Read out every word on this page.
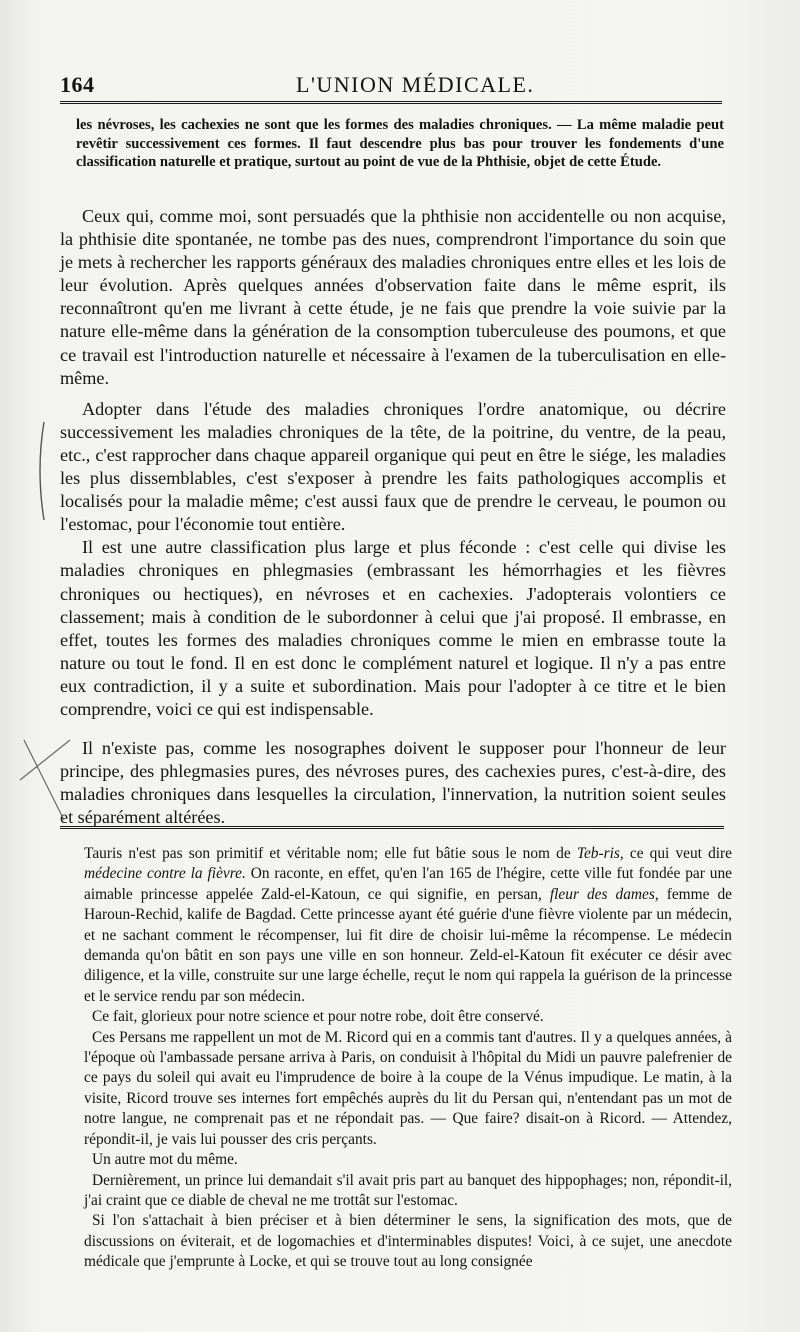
164	L'UNION MÉDICALE.
les névroses, les cachexies ne sont que les formes des maladies chroniques. — La même maladie peut revêtir successivement ces formes. Il faut descendre plus bas pour trouver les fondements d'une classification naturelle et pratique, surtout au point de vue de la Phthisie, objet de cette Étude.

Ceux qui, comme moi, sont persuadés que la phthisie non accidentelle ou non acquise, la phthisie dite spontanée, ne tombe pas des nues, comprendront l'importance du soin que je mets à rechercher les rapports généraux des maladies chroniques entre elles et les lois de leur évolution. Après quelques années d'observation faite dans le même esprit, ils reconnaîtront qu'en me livrant à cette étude, je ne fais que prendre la voie suivie par la nature elle-même dans la génération de la consomption tuberculeuse des poumons, et que ce travail est l'introduction naturelle et nécessaire à l'examen de la tuberculisation en elle-même.

Adopter dans l'étude des maladies chroniques l'ordre anatomique, ou décrire successivement les maladies chroniques de la tête, de la poitrine, du ventre, de la peau, etc., c'est rapprocher dans chaque appareil organique qui peut en être le siége, les maladies les plus dissemblables, c'est s'exposer à prendre les faits pathologiques accomplis et localisés pour la maladie même; c'est aussi faux que de prendre le cerveau, le poumon ou l'estomac, pour l'économie tout entière.

Il est une autre classification plus large et plus féconde : c'est celle qui divise les maladies chroniques en phlegmasies (embrassant les hémorrhagies et les fièvres chroniques ou hectiques), en névroses et en cachexies. J'adopterais volontiers ce classement; mais à condition de le subordonner à celui que j'ai proposé. Il embrasse, en effet, toutes les formes des maladies chroniques comme le mien en embrasse toute la nature ou tout le fond. Il en est donc le complément naturel et logique. Il n'y a pas entre eux contradiction, il y a suite et subordination. Mais pour l'adopter à ce titre et le bien comprendre, voici ce qui est indispensable.

Il n'existe pas, comme les nosographes doivent le supposer pour l'honneur de leur principe, des phlegmasies pures, des névroses pures, des cachexies pures, c'est-à-dire, des maladies chroniques dans lesquelles la circulation, l'innervation, la nutrition soient seules et séparément altérées.

Tauris n'est pas son primitif et véritable nom; elle fut bâtie sous le nom de Teb-ris, ce qui veut dire médecine contre la fièvre. On raconte, en effet, qu'en l'an 165 de l'hégire, cette ville fut fondée par une aimable princesse appelée Zald-el-Katoun, ce qui signifie, en persan, fleur des dames, femme de Haroun-Rechid, kalife de Bagdad. Cette princesse ayant été guérie d'une fièvre violente par un médecin, et ne sachant comment le récompenser, lui fit dire de choisir lui-même la récompense. Le médecin demanda qu'on bâtit en son pays une ville en son honneur. Zeld-el-Katoun fit exécuter ce désir avec diligence, et la ville, construite sur une large échelle, reçut le nom qui rappela la guérison de la princesse et le service rendu par son médecin.

Ce fait, glorieux pour notre science et pour notre robe, doit être conservé.

Ces Persans me rappellent un mot de M. Ricord qui en a commis tant d'autres. Il y a quelques années, à l'époque où l'ambassade persane arriva à Paris, on conduisit à l'hôpital du Midi un pauvre palefrenier de ce pays du soleil qui avait eu l'imprudence de boire à la coupe de la Vénus impudique. Le matin, à la visite, Ricord trouve ses internes fort empêchés auprès du lit du Persan qui, n'entendant pas un mot de notre langue, ne comprenait pas et ne répondait pas. — Que faire? disait-on à Ricord. — Attendez, répondit-il, je vais lui pousser des cris perçants.

Un autre mot du même.

Dernièrement, un prince lui demandait s'il avait pris part au banquet des hippophages; non, répondit-il, j'ai craint que ce diable de cheval ne me trottât sur l'estomac.

Si l'on s'attachait à bien préciser et à bien déterminer le sens, la signification des mots, que de discussions on éviterait, et de logomachies et d'interminables disputes! Voici, à ce sujet, une anecdote médicale que j'emprunte à Locke, et qui se trouve tout au long consignée
